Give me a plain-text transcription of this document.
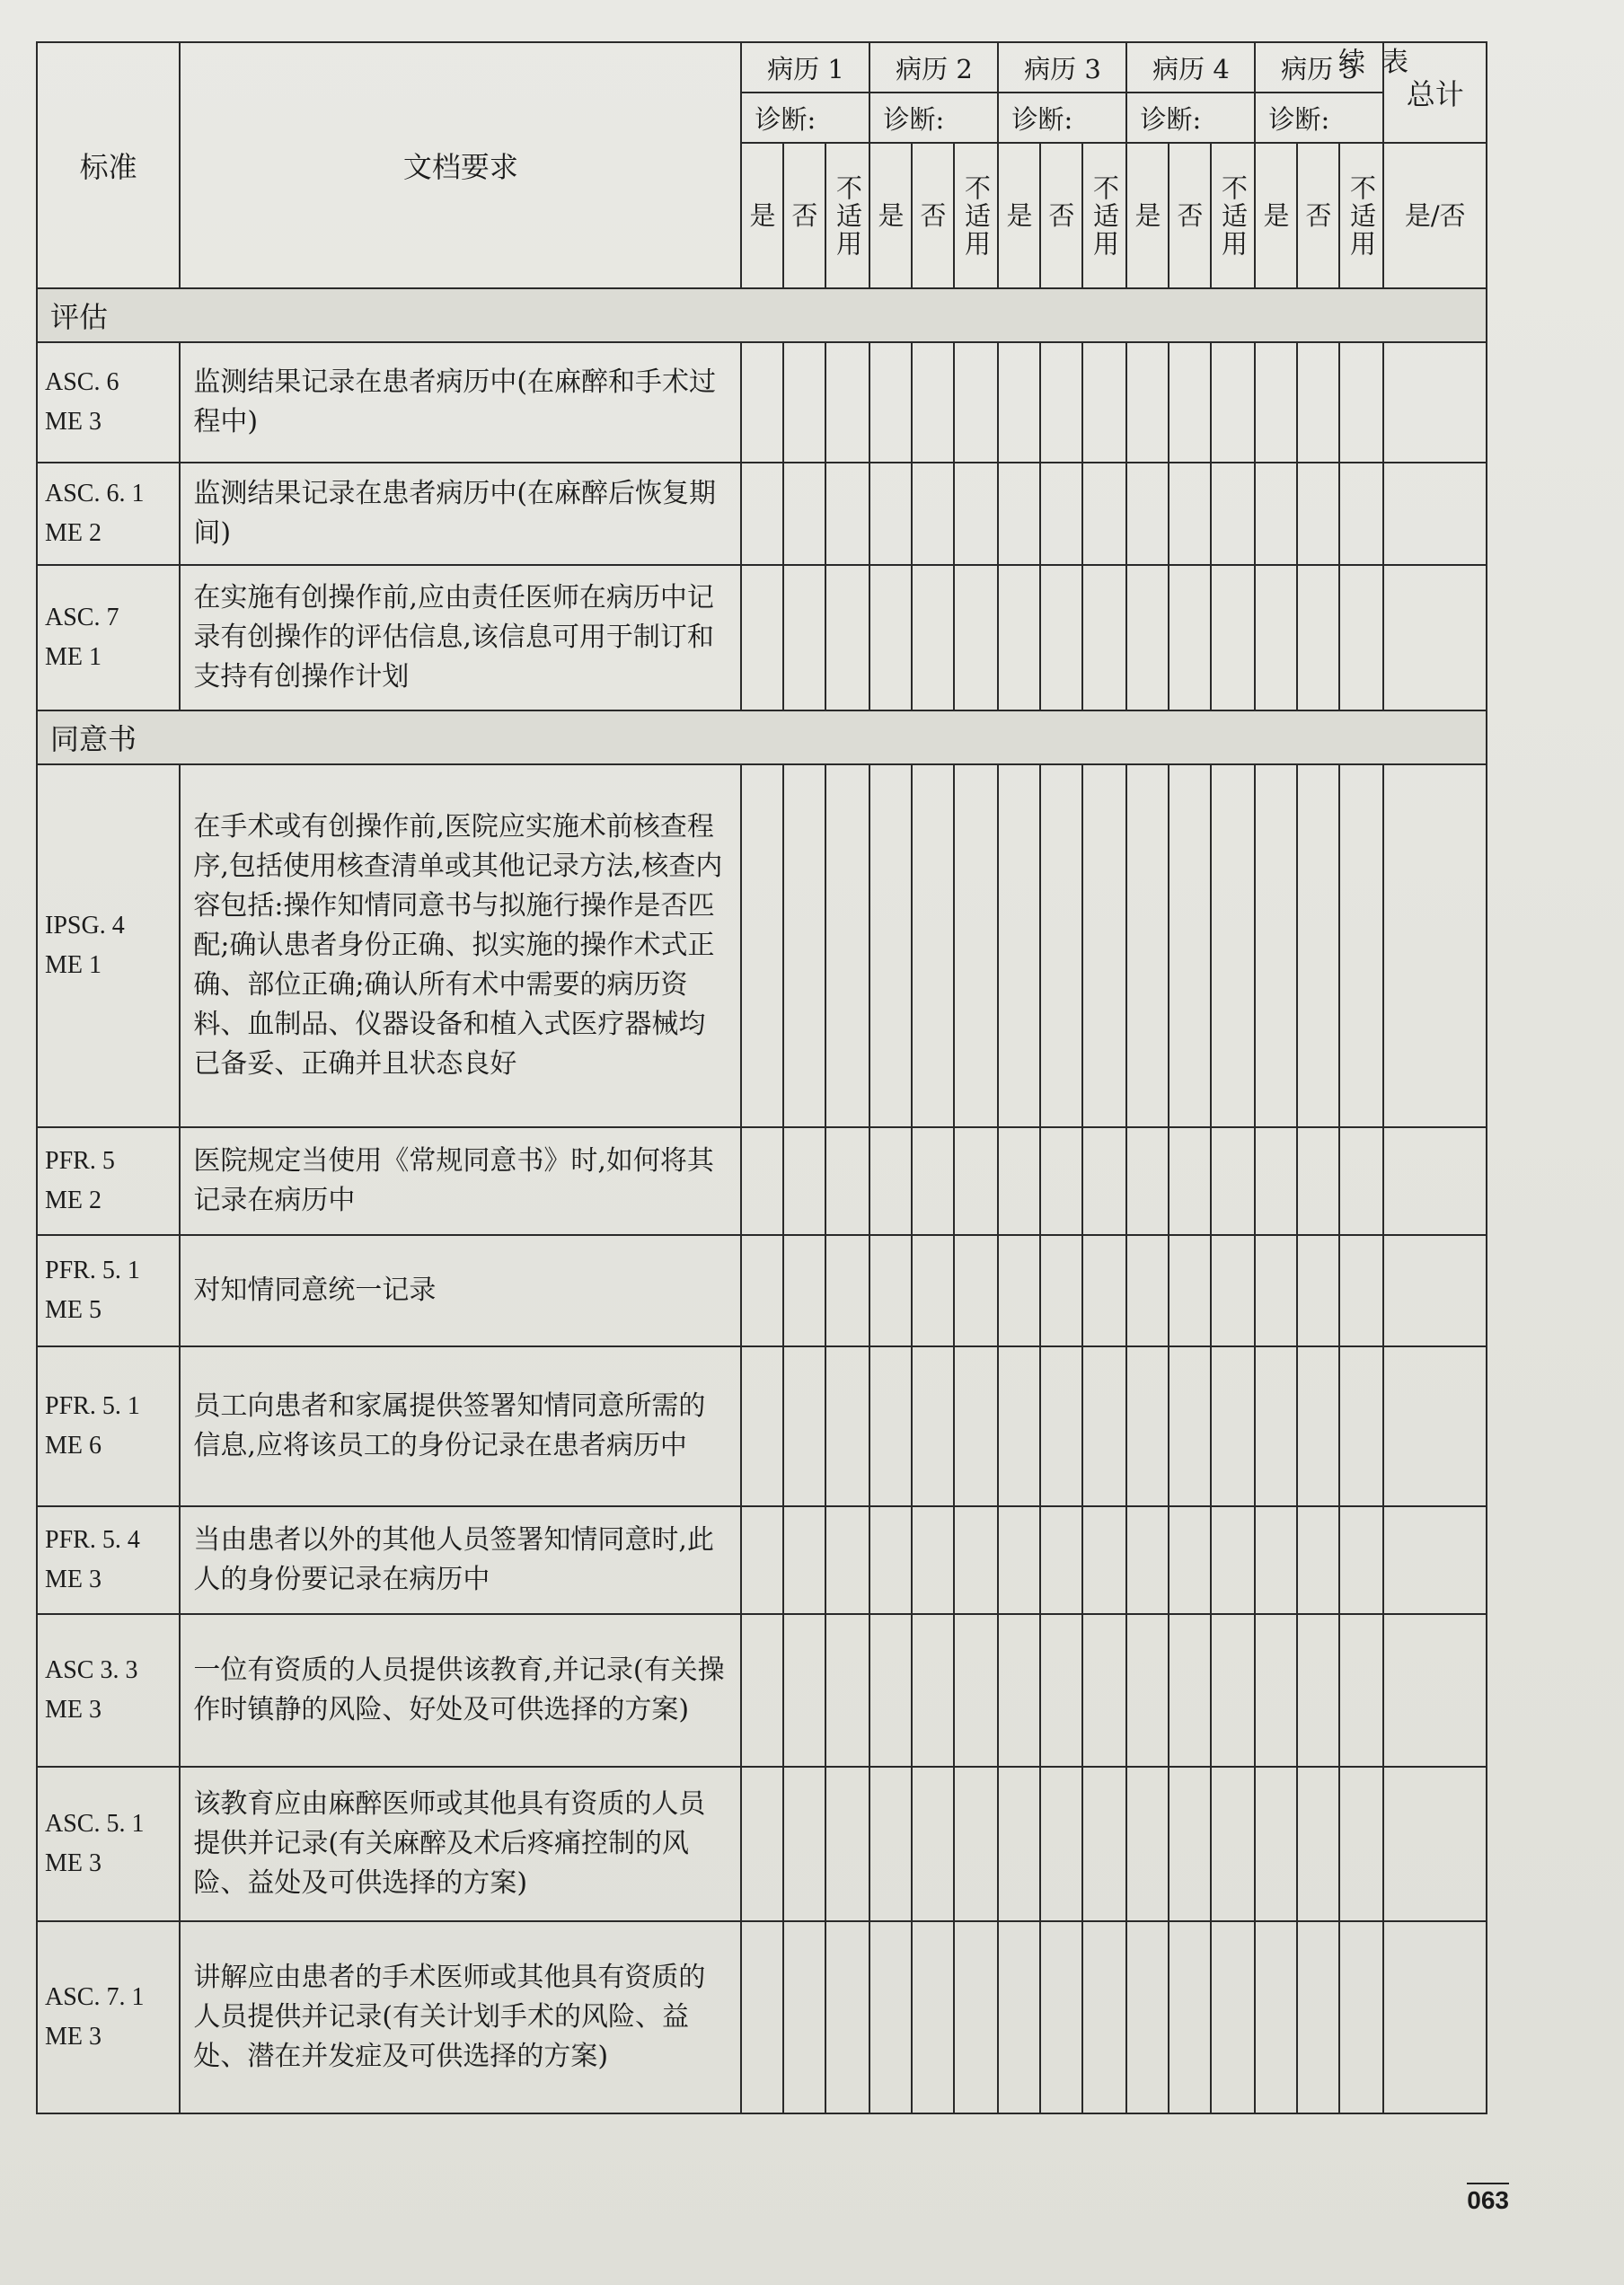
续表
标准	文档要求	病历 1			病历 2			病历 3			病历 4			病历 5			总计
		诊断:			诊断:			诊断:			诊断:			诊断:			
		是	否	不适用	是	否	不适用	是	否	不适用	是	否	不适用	是	否	不适用	是/否
评估																	

ASC. 6
ME 3	监测结果记录在患者病历中(在麻醉和手术过程中)																

ASC. 6. 1
ME 2	监测结果记录在患者病历中(在麻醉后恢复期间)																

ASC. 7
ME 1	在实施有创操作前,应由责任医师在病历中记录有创操作的评估信息,该信息可用于制订和支持有创操作计划																
同意书																	

IPSG. 4
ME 1	在手术或有创操作前,医院应实施术前核查程序,包括使用核查清单或其他记录方法,核查内容包括:操作知情同意书与拟施行操作是否匹配;确认患者身份正确、拟实施的操作术式正确、部位正确;确认所有术中需要的病历资料、血制品、仪器设备和植入式医疗器械均已备妥、正确并且状态良好																

PFR. 5
ME 2	医院规定当使用《常规同意书》时,如何将其记录在病历中																

PFR. 5. 1
ME 5	对知情同意统一记录																

PFR. 5. 1
ME 6	员工向患者和家属提供签署知情同意所需的信息,应将该员工的身份记录在患者病历中																

PFR. 5. 4
ME 3	当由患者以外的其他人员签署知情同意时,此人的身份要记录在病历中																

ASC 3. 3
ME 3	一位有资质的人员提供该教育,并记录(有关操作时镇静的风险、好处及可供选择的方案)																

ASC. 5. 1
ME 3	该教育应由麻醉医师或其他具有资质的人员提供并记录(有关麻醉及术后疼痛控制的风险、益处及可供选择的方案)																

ASC. 7. 1
ME 3	讲解应由患者的手术医师或其他具有资质的人员提供并记录(有关计划手术的风险、益处、潜在并发症及可供选择的方案)																
063
